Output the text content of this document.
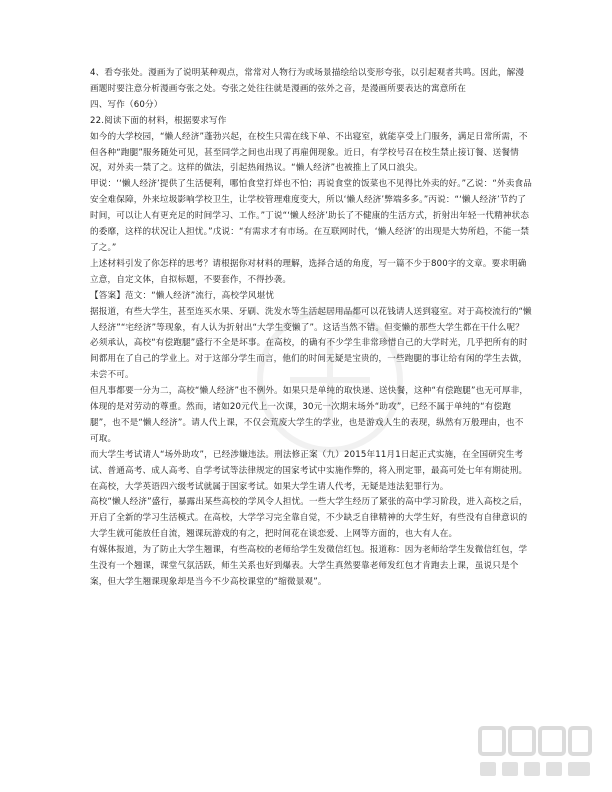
4、看夸张处。漫画为了说明某种观点，常常对人物行为或场景描绘给以变形夸张，以引起观者共鸣。因此，解漫画题时要注意分析漫画夸张之处。夸张之处往往就是漫画的弦外之音，是漫画所要表达的寓意所在

四、写作（60分）

22.阅读下面的材料，根据要求写作

如今的大学校园，“懒人经济”蓬勃兴起，在校生只需在线下单、不出寝室，就能享受上门服务，满足日常所需，不但各种“跑腿”服务随处可见，甚至同学之间也出现了再雇佣现象。近日，有学校号召在校生禁止接订餐、送餐情况，对外卖一禁了之。这样的做法，引起热闹热议。“懒人经济”也被推上了风口浪尖。

甲说：‘‘懒人经济’提供了生活便利，哪怕食堂打烊也不怕；再说食堂的饭菜也不见得比外卖的好。”乙说：“外卖食品安全难保障，外来垃圾影响学校卫生，让学校管理难度变大，所以‘懒人经济’弊端多多。”丙说：“‘懒人经济’节约了时间，可以让人有更充足的时间学习、工作。”丁说“‘懒人经济’助长了不健康的生活方式，折射出年轻一代精神状态的委靡，这样的状况让人担忧。”戊说：“有需求才有市场。在互联网时代，‘懒人经济’的出现是大势所趋，不能一禁了之。”

上述材料引发了你怎样的思考？请根据你对材料的理解，选择合适的角度，写一篇不少于800字的文章。要求明确立意，自定文体，自拟标题，不要套作，不得抄袭。

【答案】范文：“懒人经济”流行，高校学风堪忧

据报道，有些大学生，甚至连买水果、牙刷、洗发水等生活起居用品都可以花钱请人送到寝室。对于高校流行的“懒人经济”“宅经济”等现象，有人认为折射出“大学生变懒了”。这话当然不错。但变懒的那些大学生都在干什么呢？

必须承认，高校“有偿跑腿”盛行不全是坏事。在高校，的确有不少学生非常珍惜自己的大学时光，几乎把所有的时间都用在了自己的学业上。对于这部分学生而言，他们的时间无疑是宝贵的，一些跑腿的事让给有闲的学生去做，未尝不可。

但凡事都要一分为二，高校“懒人经济”也不例外。如果只是单纯的取快递、送快餐，这种“有偿跑腿”也无可厚非，体现的是对劳动的尊重。然而，诸如20元代上一次课，30元一次期末场外“助攻”，已经不属于单纯的“有偿跑腿”，也不是“懒人经济”。请人代上课，不仅会荒废大学生的学业，也是游戏人生的表现，纵然有万般理由，也不可取。

而大学生考试请人“场外助攻”，已经涉嫌违法。刑法修正案（九）2015年11月1日起正式实施，在全国研究生考试、普通高考、成人高考、自学考试等法律规定的国家考试中实施作弊的，将入刑定罪，最高可处七年有期徒刑。在高校，大学英语四六级考试就属于国家考试。如果大学生请人代考，无疑是违法犯罪行为。

高校“懒人经济”盛行，暴露出某些高校的学风令人担忧。一些大学生经历了紧张的高中学习阶段，进入高校之后，开启了全新的学习生活模式。在高校，大学学习完全靠自觉，不少缺乏自律精神的大学生好，有些没有自律意识的大学生就可能放任自流，翘课玩游戏的有之，把时间花在谈恋爱、上网等方面的，也大有人在。

有媒体报道，为了防止大学生翘课，有些高校的老师给学生发微信红包。报道称：因为老师给学生发微信红包，学生没有一个翘课，课堂气氛活跃，师生关系也好到爆表。大学生真然要靠老师发红包才肯跑去上课，虽说只是个案，但大学生翘课现象却是当今不少高校课堂的“缩微景观”。
